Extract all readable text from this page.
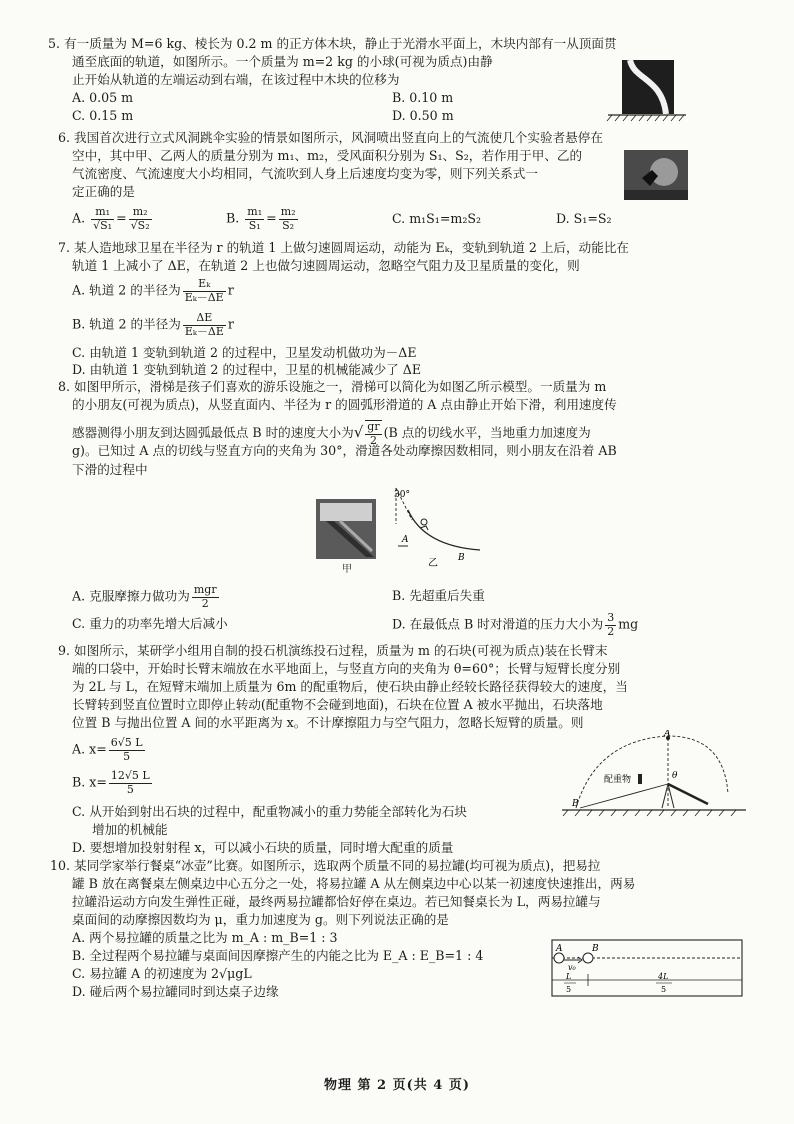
5. 有一质量为 M=6 kg、棱长为 0.2 m 的正方体木块，静止于光滑水平面上，木块内部有一从顶面贯
通至底面的轨道，如图所示。一个质量为 m=2 kg 的小球(可视为质点)由静
止开始从轨道的左端运动到右端，在该过程中木块的位移为
A. 0.05 m	B. 0.10 m
C. 0.15 m	D. 0.50 m
6. 我国首次进行立式风洞跳伞实验的情景如图所示，风洞喷出竖直向上的气流使几个实验者悬停在
空中，其中甲、乙两人的质量分别为 m₁、m₂，受风面积分别为 S₁、S₂，若作用于甲、乙的
气流密度、气流速度大小均相同，气流吹到人身上后速度均变为零，则下列关系式一
定正确的是
A. $\frac{\text{m₁}}{\text{√S₁}} = \frac{\text{m₂}}{\text{√S₂}}$	B. $\frac{\text{m₁}}{\text{S₁}} = \frac{\text{m₂}}{\text{S₂}}$	C. m₁S₁=m₂S₂	D. S₁=S₂
7. 某人造地球卫星在半径为 r 的轨道 1 上做匀速圆周运动，动能为 Eₖ，变轨到轨道 2 上后，动能比在
轨道 1 上减小了 ΔE，在轨道 2 上也做匀速圆周运动，忽略空气阻力及卫星质量的变化，则
A. 轨道 2 的半径为 $\frac{\text{Eₖ}}{\text{Eₖ－ΔE}}$ r
B. 轨道 2 的半径为 $\frac{\Delta E}{\text{Eₖ－ΔE}}$ r
C. 由轨道 1 变轨到轨道 2 的过程中，卫星发动机做功为－ΔE
D. 由轨道 1 变轨到轨道 2 的过程中，卫星的机械能减少了 ΔE
8. 如图甲所示，滑梯是孩子们喜欢的游乐设施之一，滑梯可以简化为如图乙所示模型。一质量为 m
的小朋友(可视为质点)，从竖直面内、半径为 r 的圆弧形滑道的 A 点由静止开始下滑，利用速度传
感器测得小朋友到达圆弧最低点 B 时的速度大小为√ $\frac{gr}{2} (B$ 点的切线水平，当地重力加速度为
g)。已知过 A 点的切线与竖直方向的夹角为 30°，滑道各处动摩擦因数相同，则小朋友在沿着 AB
下滑的过程中
甲
30°
A
B
乙
A. 克服摩擦力做功为 $\frac{\text{mgr}}{2}$	B. 先超重后失重
C. 重力的功率先增大后减小	D. 在最低点 B 时对滑道的压力大小为 $\frac{3}{2}$ mg
9. 如图所示，某研学小组用自制的投石机演练投石过程，质量为 m 的石块(可视为质点)装在长臂末
端的口袋中，开始时长臂末端放在水平地面上，与竖直方向的夹角为 θ=60°；长臂与短臂长度分别
为 2L 与 L，在短臂末端加上质量为 6m 的配重物后，使石块由静止经较长路径获得较大的速度，当
长臂转到竖直位置时立即停止转动(配重物不会碰到地面)，石块在位置 A 被水平抛出，石块落地
位置 B 与抛出位置 A 间的水平距离为 x。不计摩擦阻力与空气阻力，忽略长短臂的质量。则
A. $x= \frac{6√5 L}{5}$
B. $x= \frac{12√5 L}{5}$
C. 从开始到射出石块的过程中，配重物减小的重力势能全部转化为石块
增加的机械能
D. 要想增加投射射程 x，可以减小石块的质量，同时增大配重的质量
A
B
配重物	θ
10. 某同学家举行餐桌“冰壶”比赛。如图所示，选取两个质量不同的易拉罐(均可视为质点)，把易拉
罐 B 放在离餐桌左侧桌边中心五分之一处，将易拉罐 A 从左侧桌边中心以某一初速度快速推出，两易
拉罐沿运动方向发生弹性正碰，最终两易拉罐都恰好停在桌边。若已知餐桌长为 L，两易拉罐与
桌面间的动摩擦因数均为 μ，重力加速度为 g。则下列说法正确的是
A. 两个易拉罐的质量之比为 m_A : m_B=1 : 3
B. 全过程两个易拉罐与桌面间因摩擦产生的内能之比为 E_A : E_B=1 : 4
C. 易拉罐 A 的初速度为 2√μgL
D. 碰后两个易拉罐同时到达桌子边缘
A	B
v₀
L
5
4L
5
物理 第 2 页(共 4 页)
